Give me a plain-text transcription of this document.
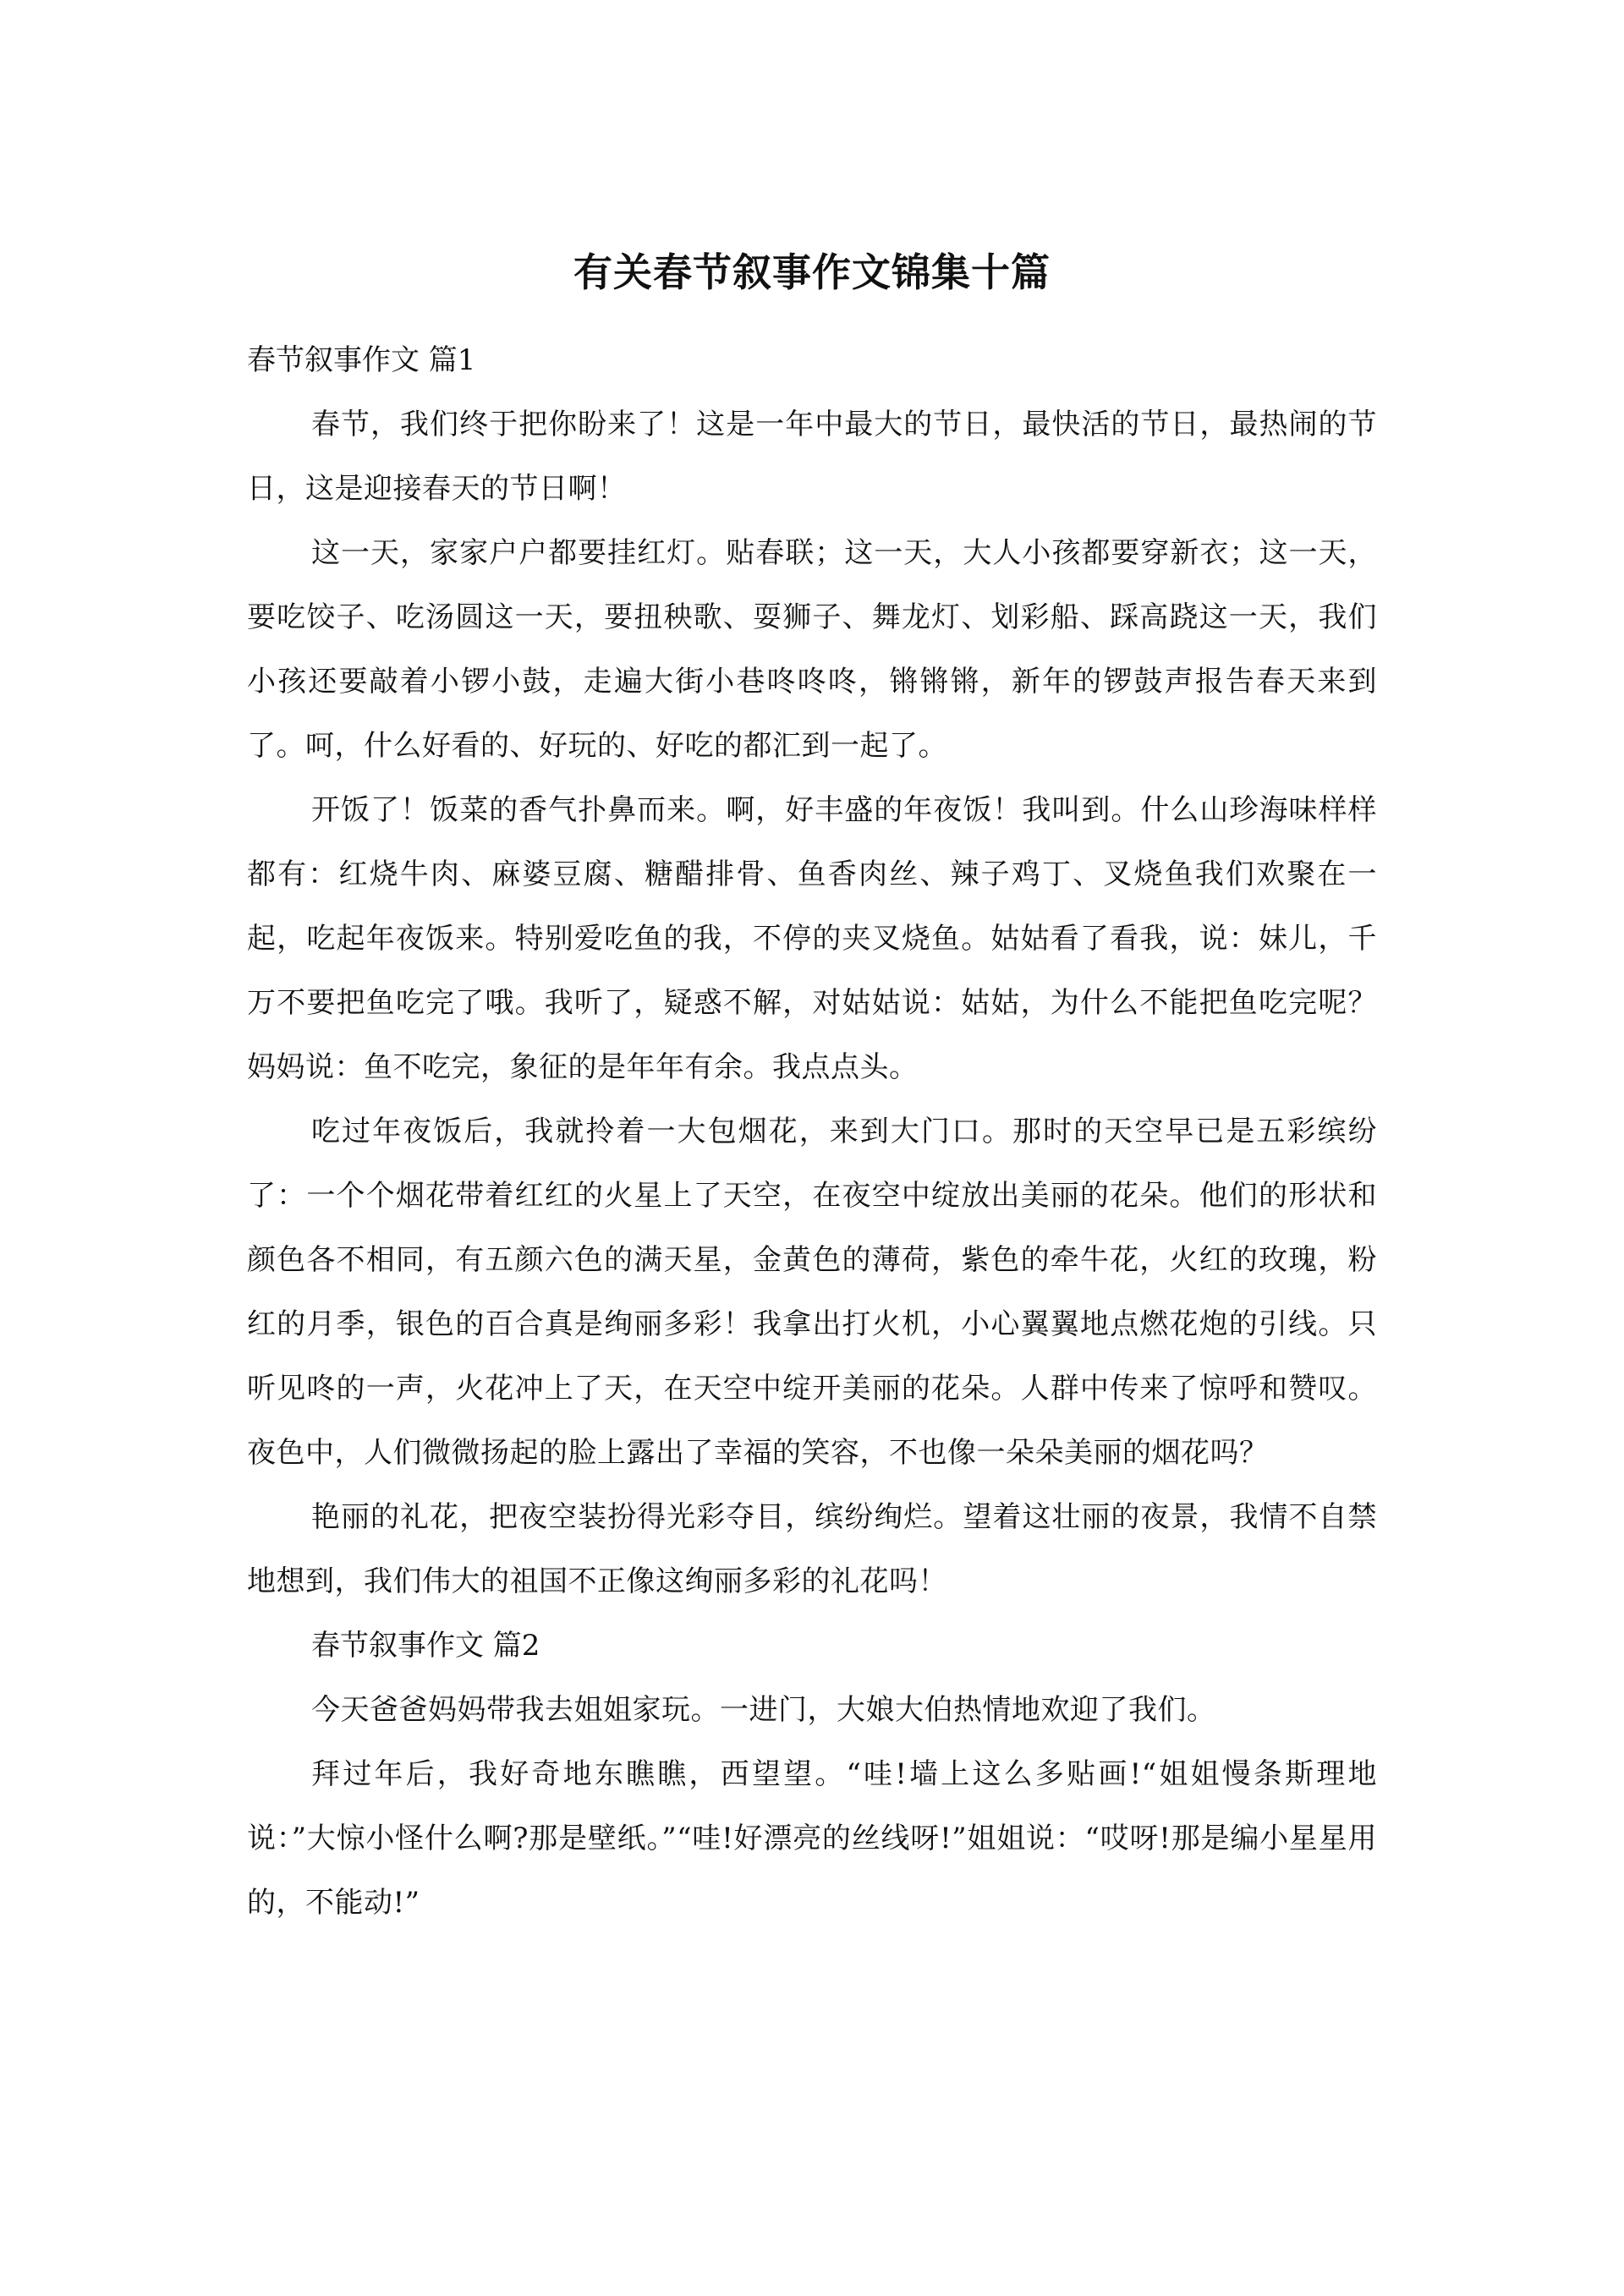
有关春节叙事作文锦集十篇

春节叙事作文 篇1

春节，我们终于把你盼来了！这是一年中最大的节日，最快活的节日，最热闹的节日，这是迎接春天的节日啊！

这一天，家家户户都要挂红灯。贴春联；这一天，大人小孩都要穿新衣；这一天，要吃饺子、吃汤圆这一天，要扭秧歌、耍狮子、舞龙灯、划彩船、踩高跷这一天，我们小孩还要敲着小锣小鼓，走遍大街小巷咚咚咚，锵锵锵，新年的锣鼓声报告春天来到了。呵，什么好看的、好玩的、好吃的都汇到一起了。

开饭了！饭菜的香气扑鼻而来。啊，好丰盛的年夜饭！我叫到。什么山珍海味样样都有：红烧牛肉、麻婆豆腐、糖醋排骨、鱼香肉丝、辣子鸡丁、叉烧鱼我们欢聚在一起，吃起年夜饭来。特别爱吃鱼的我，不停的夹叉烧鱼。姑姑看了看我，说：妹儿，千万不要把鱼吃完了哦。我听了，疑惑不解，对姑姑说：姑姑，为什么不能把鱼吃完呢？妈妈说：鱼不吃完，象征的是年年有余。我点点头。

吃过年夜饭后，我就拎着一大包烟花，来到大门口。那时的天空早已是五彩缤纷了：一个个烟花带着红红的火星上了天空，在夜空中绽放出美丽的花朵。他们的形状和颜色各不相同，有五颜六色的满天星，金黄色的薄荷，紫色的牵牛花，火红的玫瑰，粉红的月季，银色的百合真是绚丽多彩！我拿出打火机，小心翼翼地点燃花炮的引线。只听见咚的一声，火花冲上了天，在天空中绽开美丽的花朵。人群中传来了惊呼和赞叹。夜色中，人们微微扬起的脸上露出了幸福的笑容，不也像一朵朵美丽的烟花吗？

艳丽的礼花，把夜空装扮得光彩夺目，缤纷绚烂。望着这壮丽的夜景，我情不自禁地想到，我们伟大的祖国不正像这绚丽多彩的礼花吗！

春节叙事作文 篇2

今天爸爸妈妈带我去姐姐家玩。一进门，大娘大伯热情地欢迎了我们。

拜过年后，我好奇地东瞧瞧，西望望。“哇!墙上这么多贴画!“姐姐慢条斯理地说：”大惊小怪什么啊?那是壁纸。”“哇!好漂亮的丝线呀!”姐姐说：“哎呀!那是编小星星用的，不能动!”
